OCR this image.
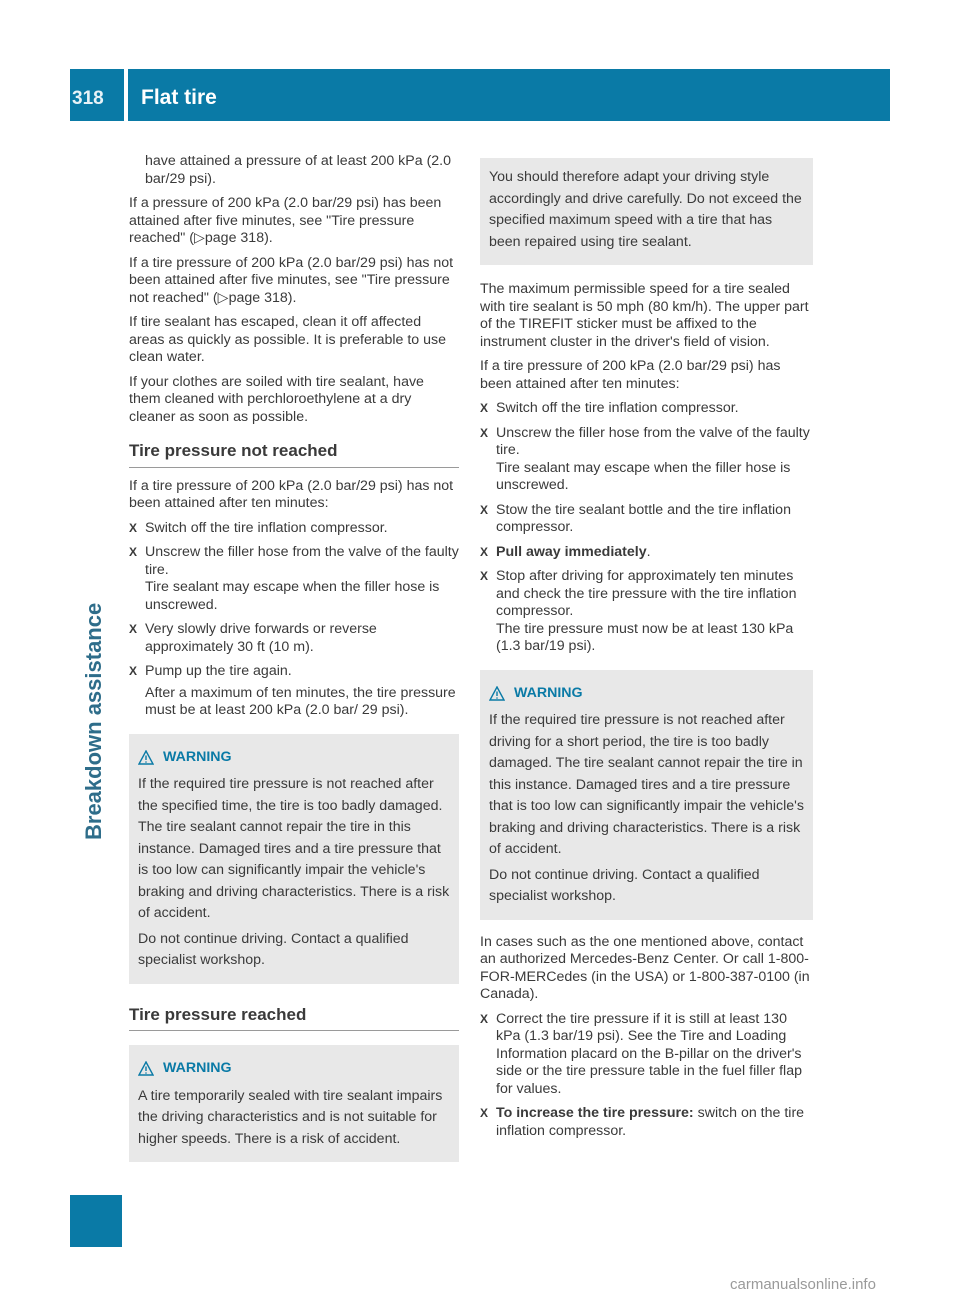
318 Flat tire
Breakdown assistance

have attained a pressure of at least 200 kPa (2.0 bar/29 psi).

If a pressure of 200 kPa (2.0 bar/29 psi) has been attained after five minutes, see "Tire pressure reached" (▷page 318).

If a tire pressure of 200 kPa (2.0 bar/29 psi) has not been attained after five minutes, see "Tire pressure not reached" (▷page 318).

If tire sealant has escaped, clean it off affected areas as quickly as possible. It is preferable to use clean water.

If your clothes are soiled with tire sealant, have them cleaned with perchloroethylene at a dry cleaner as soon as possible.

Tire pressure not reached

If a tire pressure of 200 kPa (2.0 bar/29 psi) has not been attained after ten minutes:

X Switch off the tire inflation compressor.
X Unscrew the filler hose from the valve of the faulty tire.
Tire sealant may escape when the filler hose is unscrewed.
X Very slowly drive forwards or reverse approximately 30 ft (10 m).
X Pump up the tire again.
After a maximum of ten minutes, the tire pressure must be at least 200 kPa (2.0 bar/ 29 psi).
WARNING

If the required tire pressure is not reached after the specified time, the tire is too badly damaged. The tire sealant cannot repair the tire in this instance. Damaged tires and a tire pressure that is too low can significantly impair the vehicle's braking and driving characteristics. There is a risk of accident.

Do not continue driving. Contact a qualified specialist workshop.

Tire pressure reached
WARNING

A tire temporarily sealed with tire sealant impairs the driving characteristics and is not suitable for higher speeds. There is a risk of accident.

You should therefore adapt your driving style accordingly and drive carefully. Do not exceed the specified maximum speed with a tire that has been repaired using tire sealant.

The maximum permissible speed for a tire sealed with tire sealant is 50 mph (80 km/h). The upper part of the TIREFIT sticker must be affixed to the instrument cluster in the driver's field of vision.

If a tire pressure of 200 kPa (2.0 bar/29 psi) has been attained after ten minutes:

X Switch off the tire inflation compressor.
X Unscrew the filler hose from the valve of the faulty tire.
Tire sealant may escape when the filler hose is unscrewed.
X Stow the tire sealant bottle and the tire inflation compressor.
X Pull away immediately.
X Stop after driving for approximately ten minutes and check the tire pressure with the tire inflation compressor.
The tire pressure must now be at least 130 kPa (1.3 bar/19 psi).
WARNING

If the required tire pressure is not reached after driving for a short period, the tire is too badly damaged. The tire sealant cannot repair the tire in this instance. Damaged tires and a tire pressure that is too low can significantly impair the vehicle's braking and driving characteristics. There is a risk of accident.

Do not continue driving. Contact a qualified specialist workshop.

In cases such as the one mentioned above, contact an authorized Mercedes-Benz Center. Or call 1-800-FOR-MERCedes (in the USA) or 1-800-387-0100 (in Canada).

X Correct the tire pressure if it is still at least 130 kPa (1.3 bar/19 psi). See the Tire and Loading Information placard on the B-pillar on the driver's side or the tire pressure table in the fuel filler flap for values.
X To increase the tire pressure: switch on the tire inflation compressor.
carmanualsonline.info
